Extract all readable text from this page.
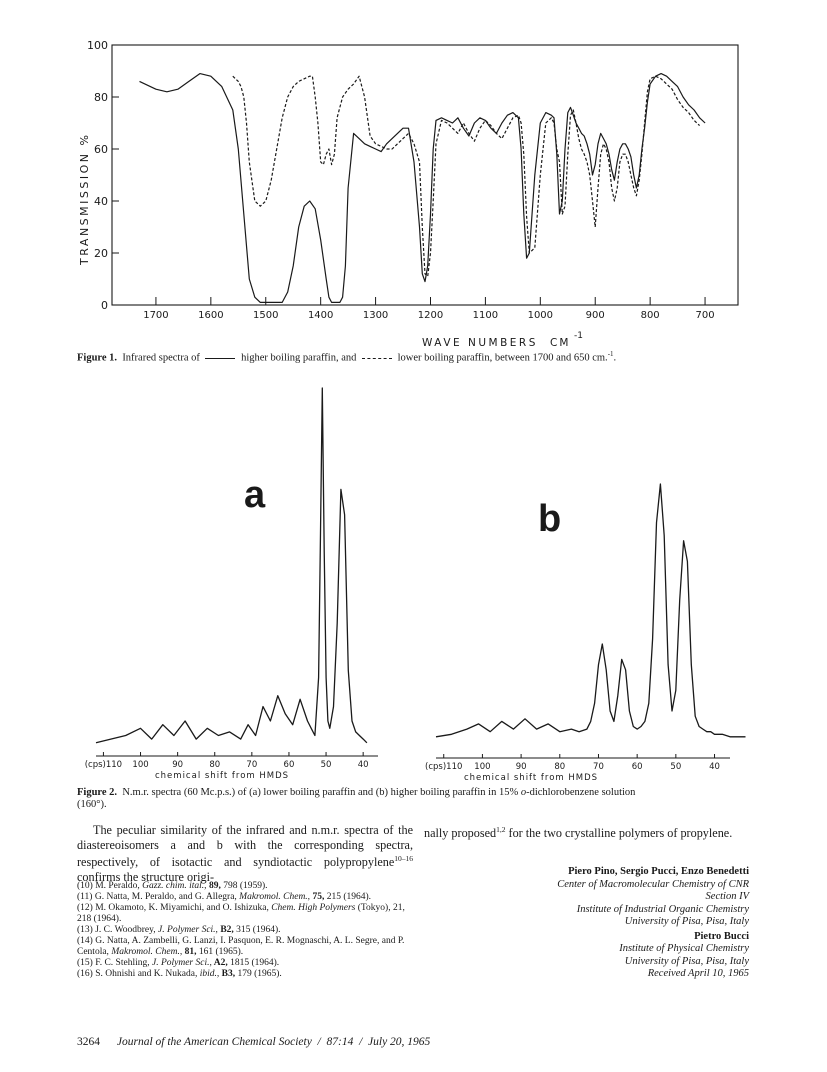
100
80
60
40
20
0
1700	1600	1500	1400	1300	1200	1100	1000	900	800	700
TRANSMISSION %
WAVE NUMBERS CM
-1
Figure 1. Infrared spectra of	higher boiling paraffin, and	lower boiling paraffin, between 1700 and 650 cm.$^{-1}$.
(cps)110 100	90	80	70	60	50	40	(cps)110 100	90	80	70	60	50	40
a
b
chemical shift from HMDS	chemical shift from HMDS
Figure 2. N.m.r. spectra (60 Mc.p.s.) of (a) lower boiling paraffin and (b) higher boiling paraffin in 15% o-dichlorobenzene solution
(160°).
The peculiar similarity of the infrared and n.m.r. spectra of the diastereoisomers a and b with the corresponding spectra, respectively, of isotactic and syndiotactic polypropylene$^{10-16}$ confirms the structure origi-
nally proposed$^{1,2}$ for the two crystalline polymers of propylene.
(10) M. Peraldo, Gazz. chim. ital., 89, 798 (1959).
(11) G. Natta, M. Peraldo, and G. Allegra, Makromol. Chem., 75, 215 (1964).
(12) M. Okamoto, K. Miyamichi, and O. Ishizuka, Chem. High Polymers (Tokyo), 21, 218 (1964).
(13) J. C. Woodbrey, J. Polymer Sci., B2, 315 (1964).
(14) G. Natta, A. Zambelli, G. Lanzi, I. Pasquon, E. R. Mognaschi, A. L. Segre, and P. Centola, Makromol. Chem., 81, 161 (1965).
(15) F. C. Stehling, J. Polymer Sci., A2, 1815 (1964).
(16) S. Ohnishi and K. Nukada, ibid., B3, 179 (1965).
Piero Pino, Sergio Pucci, Enzo Benedetti
Center of Macromolecular Chemistry of CNR
Section IV
Institute of Industrial Organic Chemistry
University of Pisa, Pisa, Italy
Pietro Bucci
Institute of Physical Chemistry
University of Pisa, Pisa, Italy
Received April 10, 1965
3264 Journal of the American Chemical Society  /  87:14  /  July 20, 1965
